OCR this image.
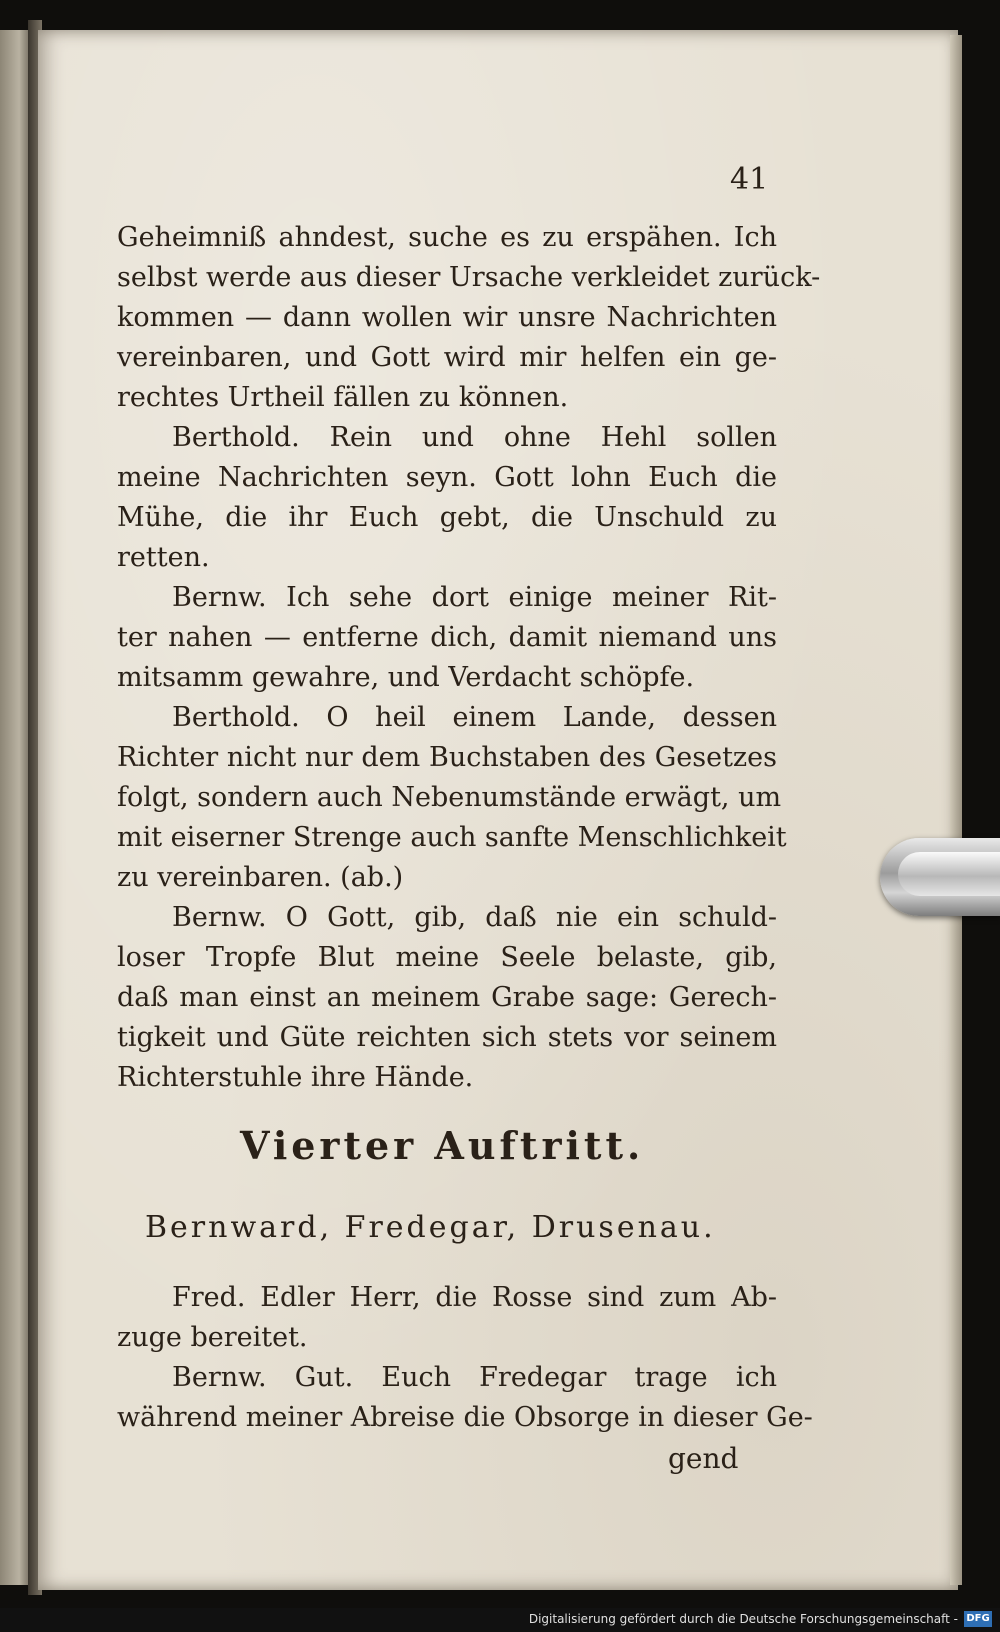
41
Geheimniß ahndest, suche es zu erspähen. Ich
selbst werde aus dieser Ursache verkleidet zurück-
kommen — dann wollen wir unsre Nachrichten
vereinbaren, und Gott wird mir helfen ein ge-
rechtes Urtheil fällen zu können.
Berthold. Rein und ohne Hehl sollen
meine Nachrichten seyn. Gott lohn Euch die
Mühe, die ihr Euch gebt, die Unschuld zu
retten.
Bernw. Ich sehe dort einige meiner Rit-
ter nahen — entferne dich, damit niemand uns
mitsamm gewahre, und Verdacht schöpfe.
Berthold. O heil einem Lande, dessen
Richter nicht nur dem Buchstaben des Gesetzes
folgt, sondern auch Nebenumstände erwägt, um
mit eiserner Strenge auch sanfte Menschlichkeit
zu vereinbaren. (ab.)
Bernw. O Gott, gib, daß nie ein schuld-
loser Tropfe Blut meine Seele belaste, gib,
daß man einst an meinem Grabe sage: Gerech-
tigkeit und Güte reichten sich stets vor seinem
Richterstuhle ihre Hände.
Fred. Edler Herr, die Rosse sind zum Ab-
zuge bereitet.
Bernw. Gut. Euch Fredegar trage ich
während meiner Abreise die Obsorge in dieser Ge-
Vierter Auftritt.
Bernward, Fredegar, Drusenau.
gend
Digitalisierung gefördert durch die Deutsche Forschungsgemeinschaft - DFG
